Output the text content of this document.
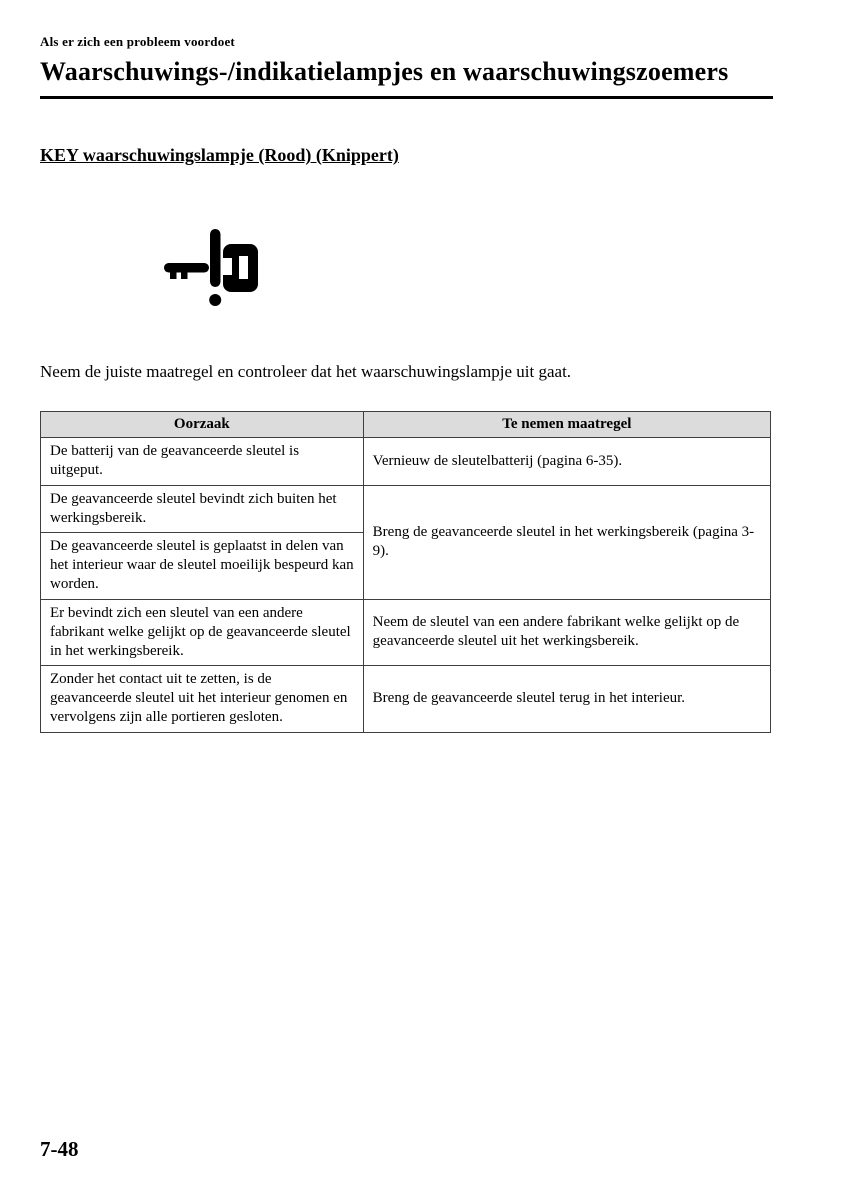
Als er zich een probleem voordoet
Waarschuwings-/indikatielampjes en waarschuwingszoemers
KEY waarschuwingslampje (Rood) (Knippert)
Neem de juiste maatregel en controleer dat het waarschuwingslampje uit gaat.
Oorzaak	Te nemen maatregel
De batterij van de geavanceerde sleutel is uitgeput.	Vernieuw de sleutelbatterij (pagina 6-35).
De geavanceerde sleutel bevindt zich buiten het werkingsbereik.	Breng de geavanceerde sleutel in het werkingsbereik (pagina 3-9).
De geavanceerde sleutel is geplaatst in delen van het interieur waar de sleutel moeilijk bespeurd kan worden.	
Er bevindt zich een sleutel van een andere fabrikant welke gelijkt op de geavanceerde sleutel in het werkingsbereik.	Neem de sleutel van een andere fabrikant welke gelijkt op de geavanceerde sleutel uit het werkingsbereik.
Zonder het contact uit te zetten, is de geavanceerde sleutel uit het interieur genomen en vervolgens zijn alle portieren gesloten.	Breng de geavanceerde sleutel terug in het interieur.
7-48
